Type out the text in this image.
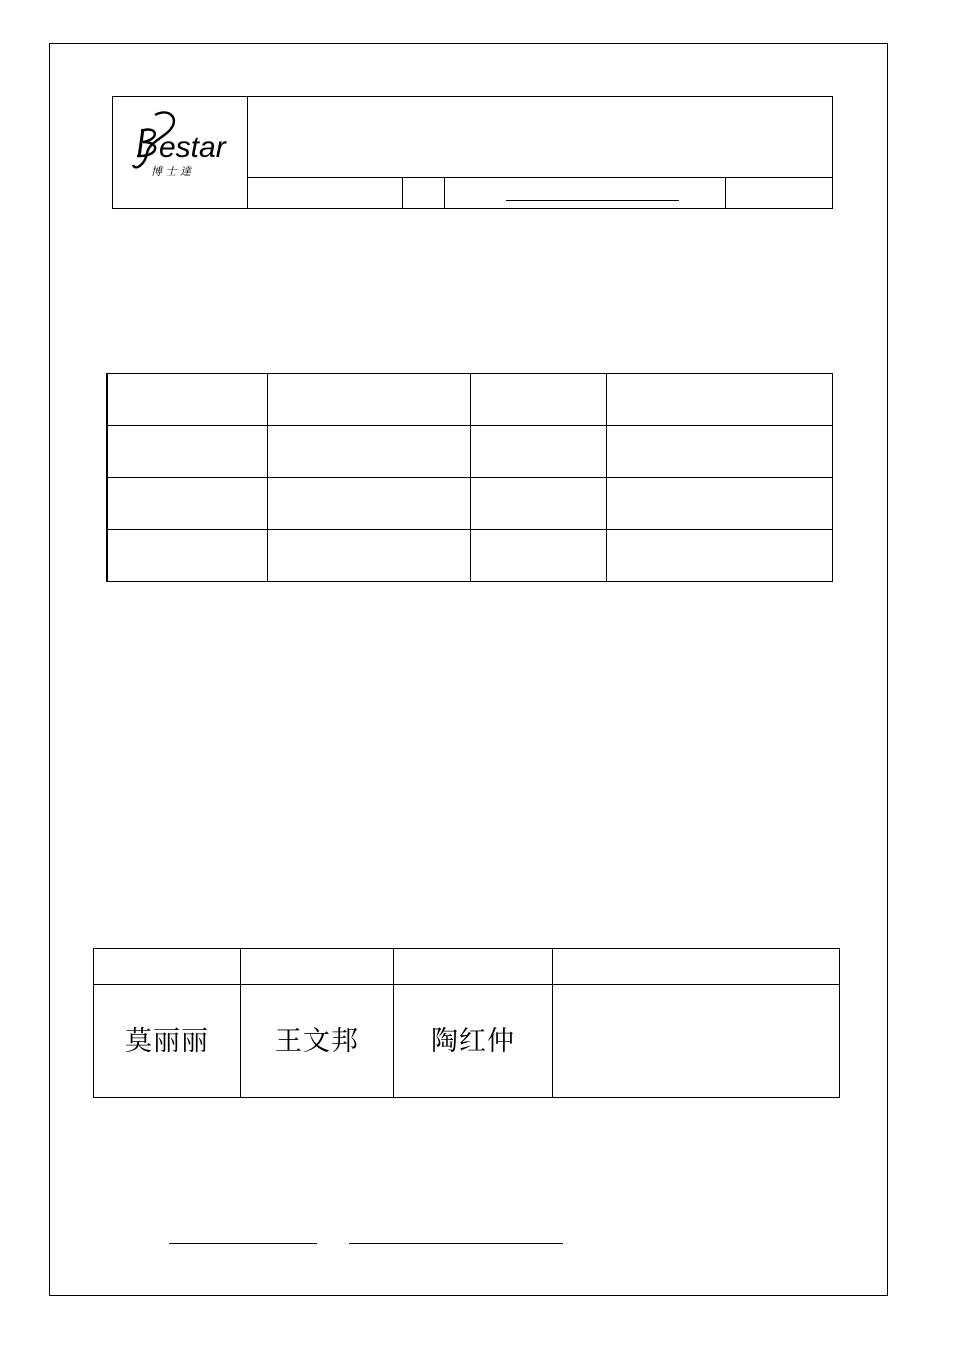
estar
博 士 達

莫丽丽	王文邦	陶红仲	
